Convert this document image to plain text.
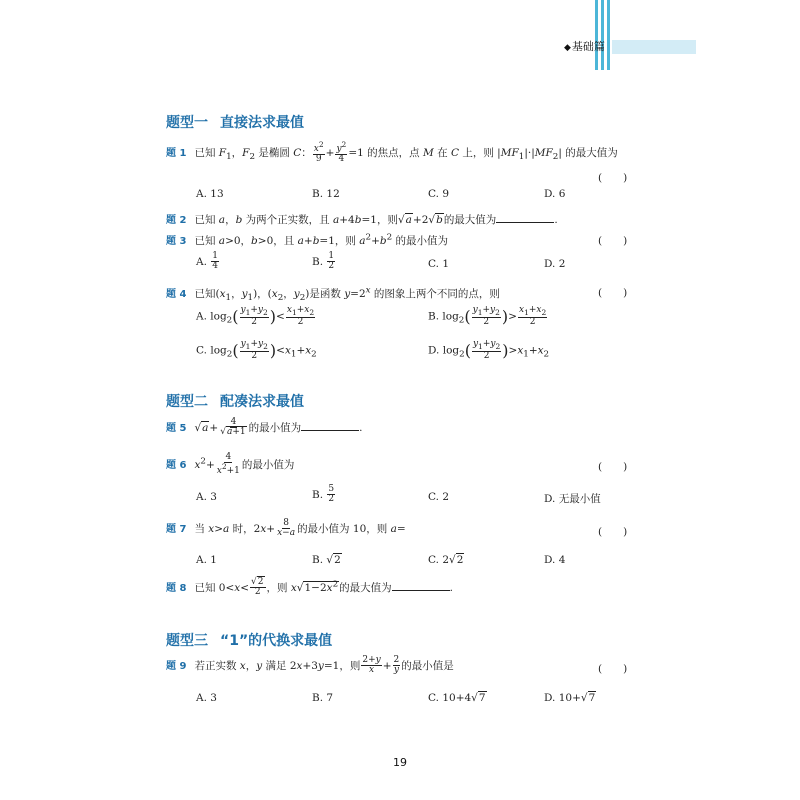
◆基础篇
题型一 直接法求最值
题 1 已知 $F_1$，$F_2$ 是椭圆 C： $\frac{x^2}{9} + \frac{y^2}{4} =1$ 的焦点，点 M 在 C 上，则 $|MF_1|\cdot|MF_2|$ 的最大值为
(　　)
A. 13	B. 12	C. 9	D. 6
题 2 已知 a，b 为两个正实数，且 a+4b=1，则√a+2√b的最大值为	.
题 3 已知 a>0，b>0，且 a+b=1，则 $a^2+b^2$ 的最小值为	(　　)
A. $\frac{1}{4}$	B. $\frac{1}{2}$	C. 1	D. 2
题 4 已知($x_1$，$y_1$)，($x_2$，$y_2$)是函数 $y=2^x$ 的图象上两个不同的点，则	(　　)
A. $\log_2( \frac{y_1+y_2}{2}$ )< $\frac{x_1+x_2}{2}$	B. $\log_2( \frac{y_1+y_2}{2}$ )> $\frac{x_1+x_2}{2}$
C. $\log_2( \frac{y_1+y_2}{2} )<x_1+x_2$	D. $\log_2( \frac{y_1+y_2}{2} )>x_1+x_2$
题型二 配凑法求最值
题 5 $√a+ \frac{4}{√a+1}$ 的最小值为	.
题 6 $x^2+ \frac{4}{x^2+1}$ 的最小值为	(　　)
A. 3	B. $\frac{5}{2}$	C. 2	D. 无最小值
题 7 当 x>a 时，$2x+ \frac{8}{x-a}$ 的最小值为 10，则 a=	(　　)
A. 1	B. √2	C. 2√2	D. 4
题 8 已知 $0<x< \frac{√2}{2}$ ，则 $x√1-2x^2$的最大值为	.
题型三 “1”的代换求最值
题 9 若正实数 x，y 满足 2x+3y=1，则 $\frac{2+y}{x} + \frac{2}{y}$ 的最小值是	(　　)
A. 3	B. 7	C. 10+4√7	D. 10+√7
19
